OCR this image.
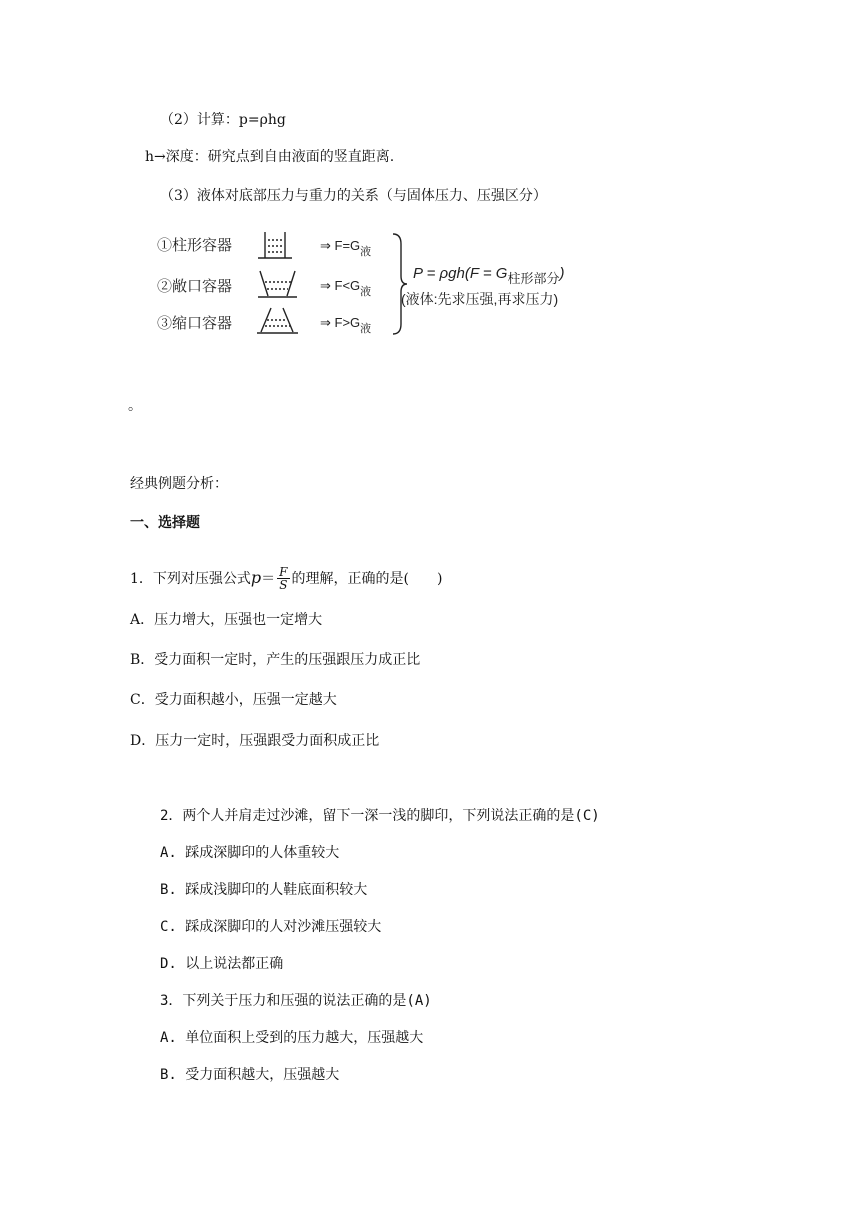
（2）计算：p=ρhg
h→深度：研究点到自由液面的竖直距离.
（3）液体对底部压力与重力的关系（与固体压力、压强区分）
①柱形容器
②敞口容器
③缩口容器
⇒ $F=G_液$
⇒ $F<G_液$
⇒ $F>G_液$
P = ρgh(F = G柱形部分)
(液体:先求压强,再求压力)
。
经典例题分析：
一、选择题
1．下列对压强公式$p= \frac{F}{S}$ 的理解，正确的是(　　)
A．压力增大，压强也一定增大
B．受力面积一定时，产生的压强跟压力成正比
C．受力面积越小，压强一定越大
D．压力一定时，压强跟受力面积成正比
2．两个人并肩走过沙滩，留下一深一浅的脚印，下列说法正确的是(C)
A. 踩成深脚印的人体重较大
B. 踩成浅脚印的人鞋底面积较大
C. 踩成深脚印的人对沙滩压强较大
D. 以上说法都正确
3．下列关于压力和压强的说法正确的是(A)
A. 单位面积上受到的压力越大，压强越大
B. 受力面积越大，压强越大
